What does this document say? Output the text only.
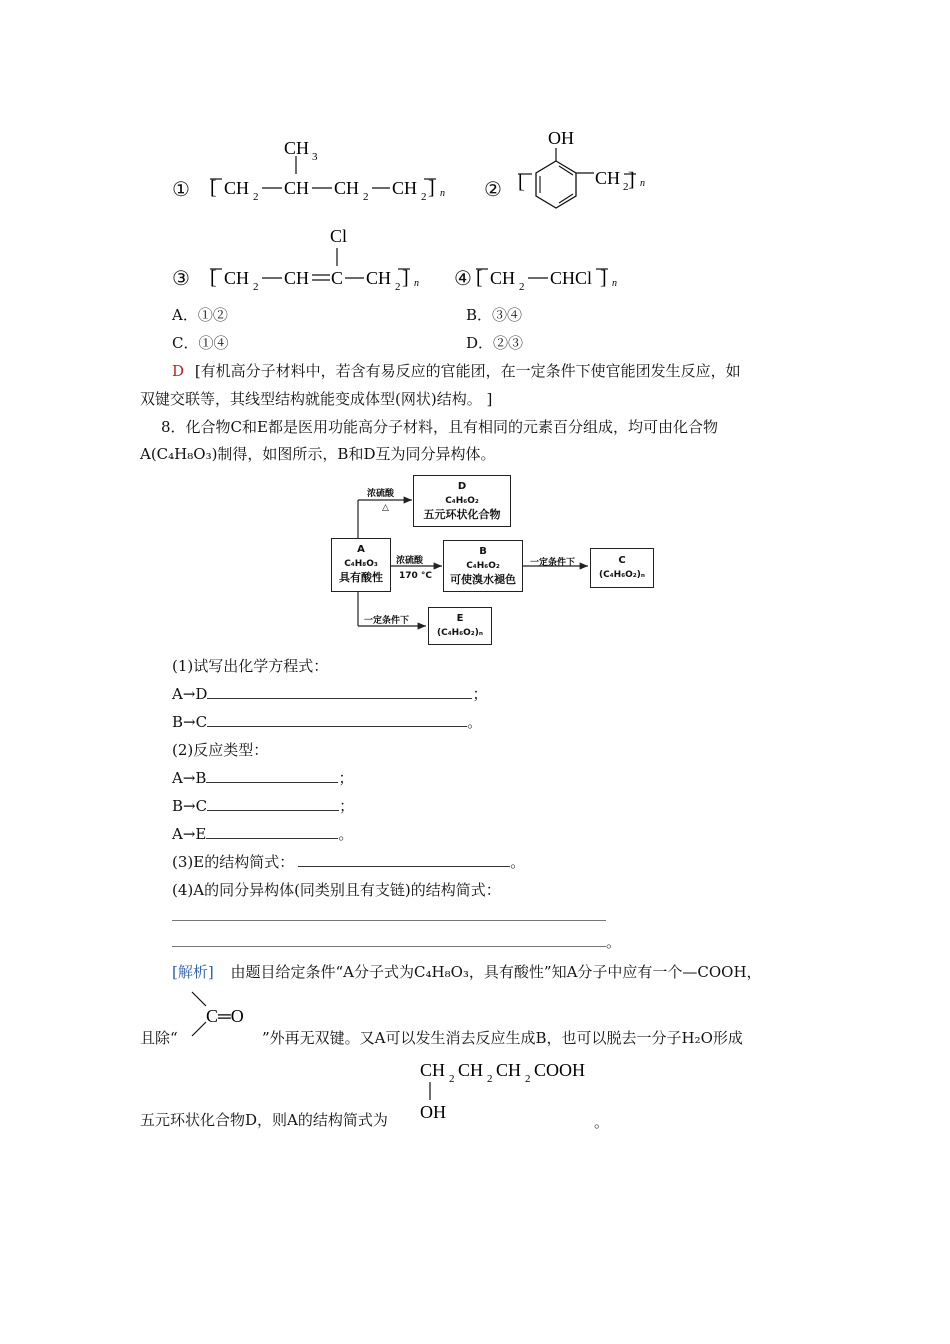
① [ CH 2 CH
CH 3
CH 2 CH 2 ] n ② [
OH
CH 2 ] n
③ [ CH 2 CH C
Cl
CH 2 ] n ④ [ CH 2 CHCl ] n
A．①②	B．③④
C．①④	D．②③
D [有机高分子材料中，若含有易反应的官能团，在一定条件下使官能团发生反应，如
双键交联等，其线型结构就能变成体型(网状)结构。 ]
8．化合物C和E都是医用功能高分子材料，且有相同的元素百分组成，均可由化合物
A(C₄H₈O₃)制得，如图所示，B和D互为同分异构体。
D
C₄H₆O₂
五元环状化合物
A
C₄H₈O₃
具有酸性
B
C₄H₆O₂
可使溴水褪色
C
(C₄H₆O₂)ₙ
E
(C₄H₆O₂)ₙ
浓硫酸
△
浓硫酸
170 °C
一定条件下
一定条件下
(1)试写出化学方程式：
A→D	；
B→C	。
(2)反应类型：
A→B	；
B→C	；
A→E	。
(3)E的结构简式：	。
(4)A的同分异构体(同类别且有支链)的结构简式：
。
[解析] 由题目给定条件“A分子式为C₄H₈O₃，具有酸性”知A分子中应有一个—COOH，
C═O
且除“	”外再无双键。又A可以发生消去反应生成B，也可以脱去一分子H₂O形成
CH 2 CH 2 CH 2 COOH
OH
五元环状化合物D，则A的结构简式为	。
